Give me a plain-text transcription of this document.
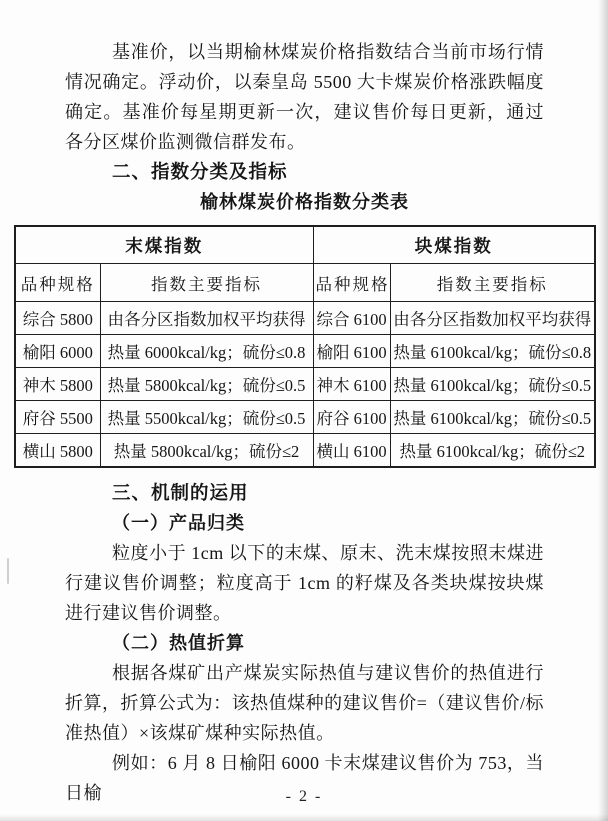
基准价，以当期榆林煤炭价格指数结合当前市场行情情况确定。浮动价，以秦皇岛 5500 大卡煤炭价格涨跌幅度确定。基准价每星期更新一次，建议售价每日更新，通过各分区煤价监测微信群发布。

二、指数分类及指标
榆林煤炭价格指数分类表
末煤指数		块煤指数	
品种规格	指数主要指标	品种规格	指数主要指标
综合 5800	由各分区指数加权平均获得	综合 6100	由各分区指数加权平均获得
榆阳 6000	热量 6000kcal/kg；硫份≤0.8	榆阳 6100	热量 6100kcal/kg；硫份≤0.8
神木 5800	热量 5800kcal/kg；硫份≤0.5	神木 6100	热量 6100kcal/kg；硫份≤0.5
府谷 5500	热量 5500kcal/kg；硫份≤0.5	府谷 6100	热量 6100kcal/kg；硫份≤0.5
横山 5800	热量 5800kcal/kg；硫份≤2	横山 6100	热量 6100kcal/kg；硫份≤2
三、机制的运用
（一）产品归类

粒度小于 1cm 以下的末煤、原末、洗末煤按照末煤进行建议售价调整；粒度高于 1cm 的籽煤及各类块煤按块煤进行建议售价调整。

（二）热值折算

根据各煤矿出产煤炭实际热值与建议售价的热值进行折算，折算公式为：该热值煤种的建议售价=（建议售价/标准热值）×该煤矿煤种实际热值。

例如：6 月 8 日榆阳 6000 卡末煤建议售价为 753，当日榆	- 2 -
